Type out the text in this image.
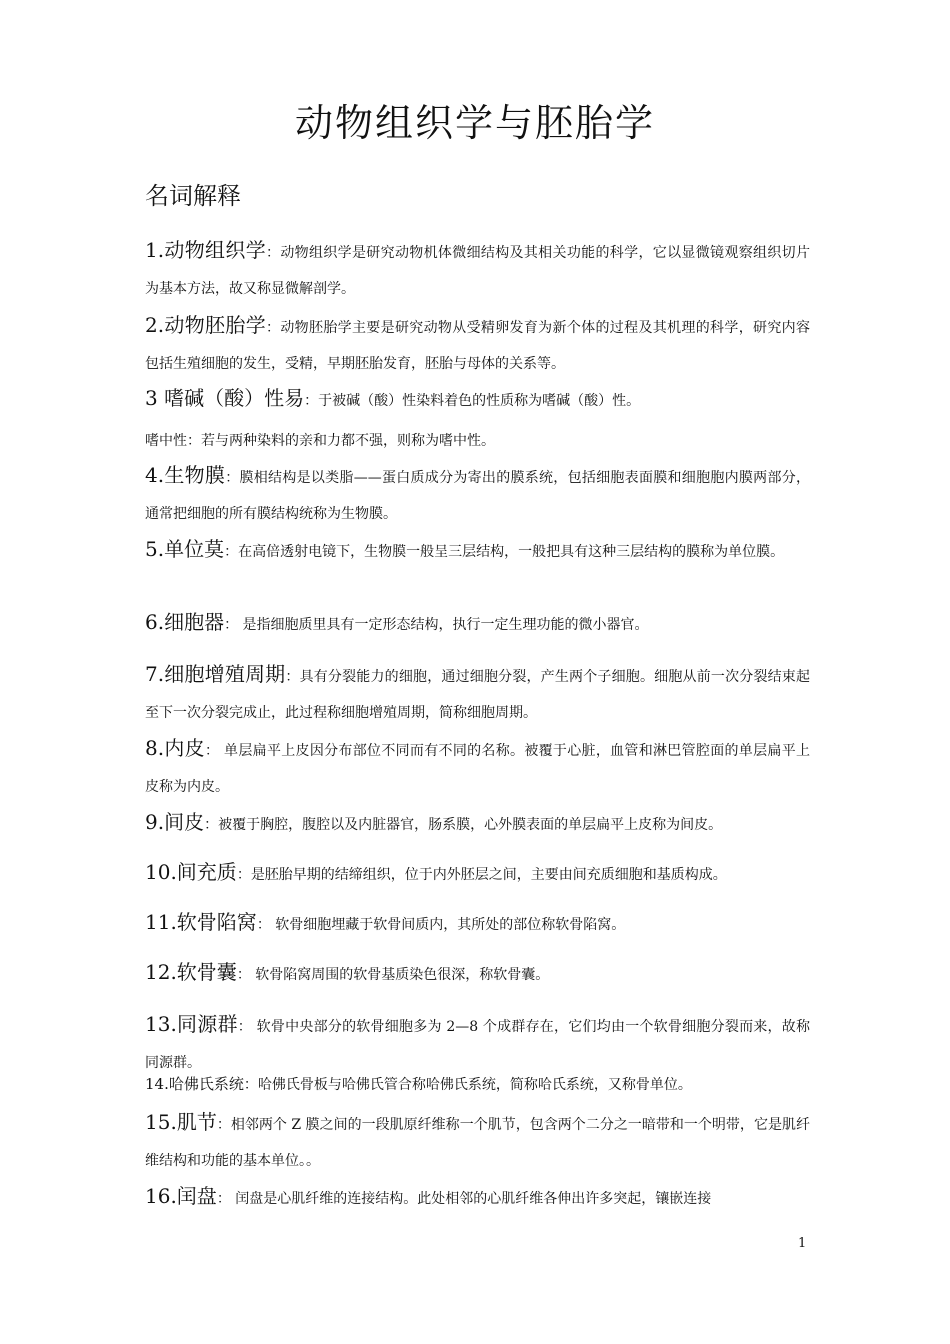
动物组织学与胚胎学
名词解释

1.动物组织学：动物组织学是研究动物机体微细结构及其相关功能的科学，它以显微镜观察组织切片为基本方法，故又称显微解剖学。

2.动物胚胎学：动物胚胎学主要是研究动物从受精卵发育为新个体的过程及其机理的科学，研究内容包括生殖细胞的发生，受精，早期胚胎发育，胚胎与母体的关系等。

3 嗜碱（酸）性易：于被碱（酸）性染料着色的性质称为嗜碱（酸）性。

嗜中性：若与两种染料的亲和力都不强，则称为嗜中性。

4.生物膜：膜相结构是以类脂——蛋白质成分为寄出的膜系统，包括细胞表面膜和细胞胞内膜两部分，通常把细胞的所有膜结构统称为生物膜。

5.单位莫：在高倍透射电镜下，生物膜一般呈三层结构，一般把具有这种三层结构的膜称为单位膜。

6.细胞器： 是指细胞质里具有一定形态结构，执行一定生理功能的微小器官。

7.细胞增殖周期：具有分裂能力的细胞，通过细胞分裂，产生两个子细胞。细胞从前一次分裂结束起至下一次分裂完成止，此过程称细胞增殖周期，简称细胞周期。

8.内皮： 单层扁平上皮因分布部位不同而有不同的名称。被覆于心脏，血管和淋巴管腔面的单层扁平上皮称为内皮。

9.间皮：被覆于胸腔，腹腔以及内脏器官，肠系膜，心外膜表面的单层扁平上皮称为间皮。

10.间充质：是胚胎早期的结缔组织，位于内外胚层之间，主要由间充质细胞和基质构成。

11.软骨陷窝： 软骨细胞埋藏于软骨间质内，其所处的部位称软骨陷窝。

12.软骨囊： 软骨陷窝周围的软骨基质染色很深，称软骨囊。

13.同源群： 软骨中央部分的软骨细胞多为 2—8 个成群存在，它们均由一个软骨细胞分裂而来，故称同源群。

14.哈佛氏系统：哈佛氏骨板与哈佛氏管合称哈佛氏系统，简称哈氏系统，又称骨单位。

15.肌节：相邻两个 Z 膜之间的一段肌原纤维称一个肌节，包含两个二分之一暗带和一个明带，它是肌纤维结构和功能的基本单位。。

16.闰盘： 闰盘是心肌纤维的连接结构。此处相邻的心肌纤维各伸出许多突起，镶嵌连接

1
